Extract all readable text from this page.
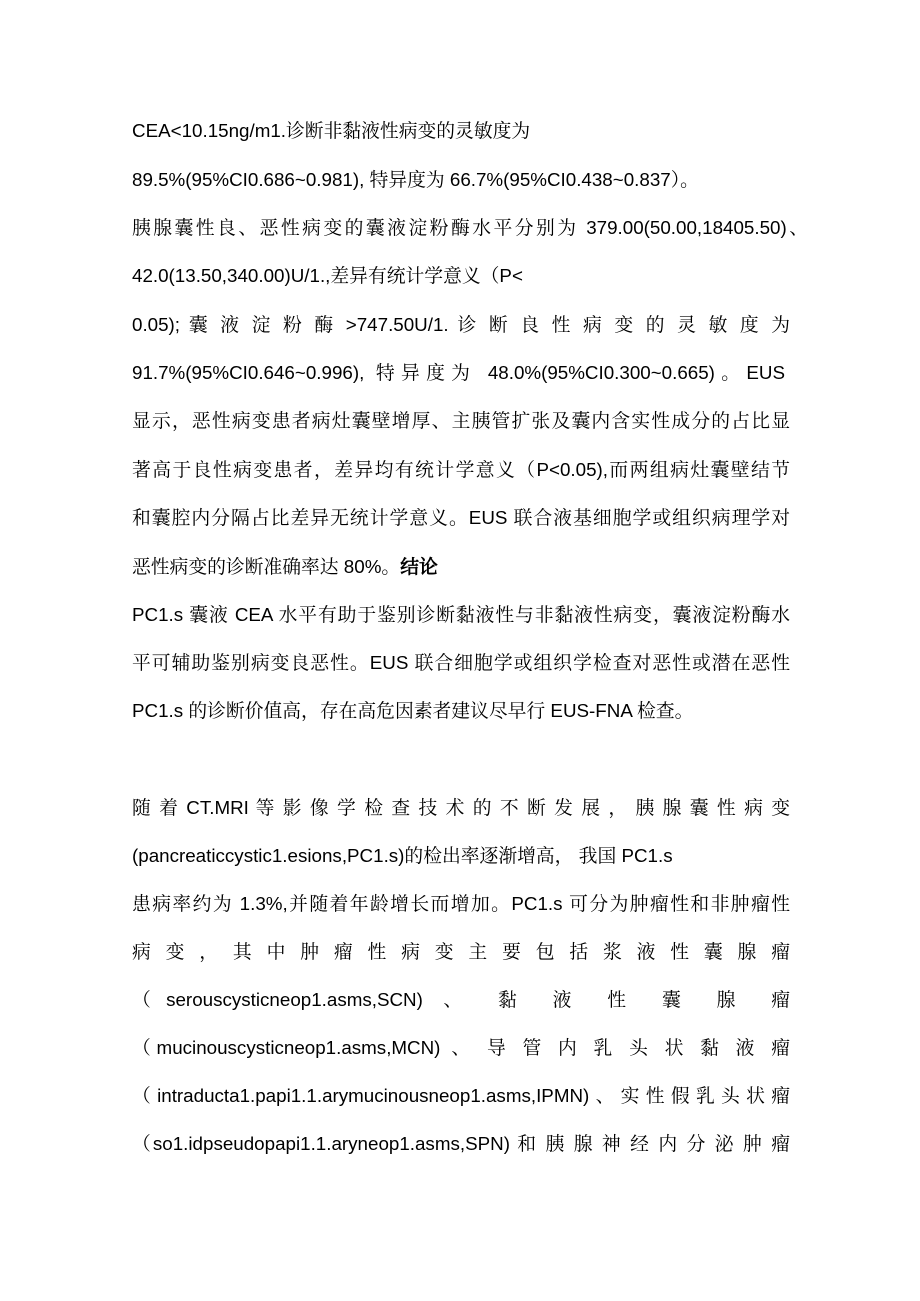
CEA<10.15ng/m1.诊断非黏液性病变的灵敏度为
89.5%(95%CI0.686~0.981), 特异度为 66.7%(95%CI0.438~0.837）。
胰腺囊性良、恶性病变的囊液淀粉酶水平分别为 379.00(50.00,18405.50)、
42.0(13.50,340.00)U/1.,差异有统计学意义（P<
0.05); 囊 液 淀 粉 酶 >747.50U/1. 诊 断 良 性 病 变 的 灵 敏 度 为
91.7%(95%CI0.646~0.996), 特异度为 48.0%(95%CI0.300~0.665)。EUS
显示，恶性病变患者病灶囊壁增厚、主胰管扩张及囊内含实性成分的占比显
著高于良性病变患者，差异均有统计学意义（P<0.05),而两组病灶囊壁结节
和囊腔内分隔占比差异无统计学意义。EUS 联合液基细胞学或组织病理学对
恶性病变的诊断准确率达 80%。结论
PC1.s 囊液 CEA 水平有助于鉴别诊断黏液性与非黏液性病变，囊液淀粉酶水
平可辅助鉴别病变良恶性。EUS 联合细胞学或组织学检查对恶性或潜在恶性
PC1.s 的诊断价值高，存在高危因素者建议尽早行 EUS-FNA 检查。
随 着 CT.MRI 等 影 像 学 检 查 技 术 的 不 断 发 展 ， 胰 腺 囊 性 病 变
(pancreaticcystic1.esions,PC1.s)的检出率逐渐增高， 我国 PC1.s
患病率约为 1.3%,并随着年龄增长而增加。PC1.s 可分为肿瘤性和非肿瘤性
病 变 ， 其 中 肿 瘤 性 病 变 主 要 包 括 浆 液 性 囊 腺 瘤
（serouscysticneop1.asms,SCN) 、 黏 液 性 囊 腺 瘤
（mucinouscysticneop1.asms,MCN) 、 导 管 内 乳 头 状 黏 液 瘤
（intraducta1.papi1.1.arymucinousneop1.asms,IPMN)、实性假乳头状瘤
（so1.idpseudopapi1.1.aryneop1.asms,SPN) 和 胰 腺 神 经 内 分 泌 肿 瘤
